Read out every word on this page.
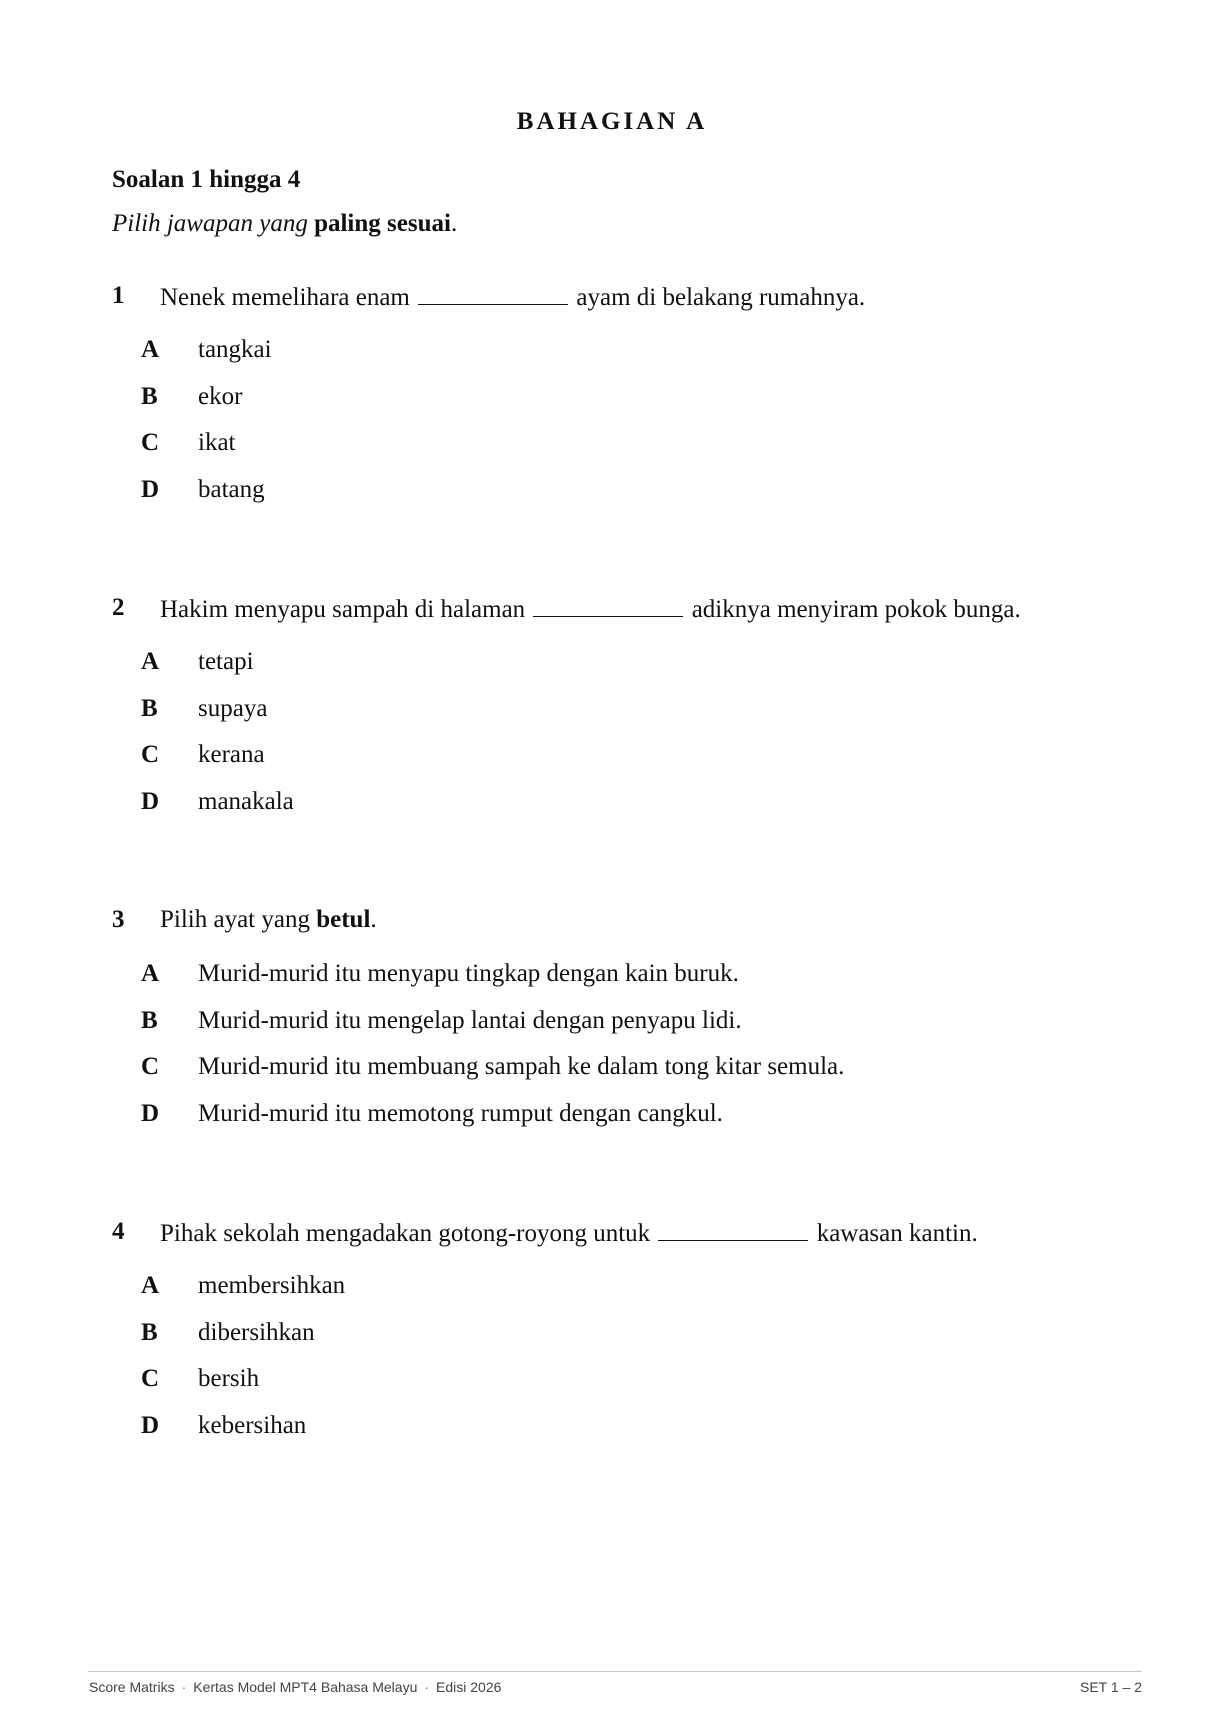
BAHAGIAN A
Soalan 1 hingga 4
Pilih jawapan yang paling sesuai.
1 Nenek memelihara enam	ayam di belakang rumahnya.
A tangkai
B ekor
C ikat
D batang
2 Hakim menyapu sampah di halaman	adiknya menyiram pokok bunga.
A tetapi
B supaya
C kerana
D manakala
3 Pilih ayat yang betul.
A Murid-murid itu menyapu tingkap dengan kain buruk.
B Murid-murid itu mengelap lantai dengan penyapu lidi.
C Murid-murid itu membuang sampah ke dalam tong kitar semula.
D Murid-murid itu memotong rumput dengan cangkul.
4 Pihak sekolah mengadakan gotong-royong untuk	kawasan kantin.
A membersihkan
B dibersihkan
C bersih
D kebersihan
Score Matriks · Kertas Model MPT4 Bahasa Melayu · Edisi 2026	SET 1 – 2
